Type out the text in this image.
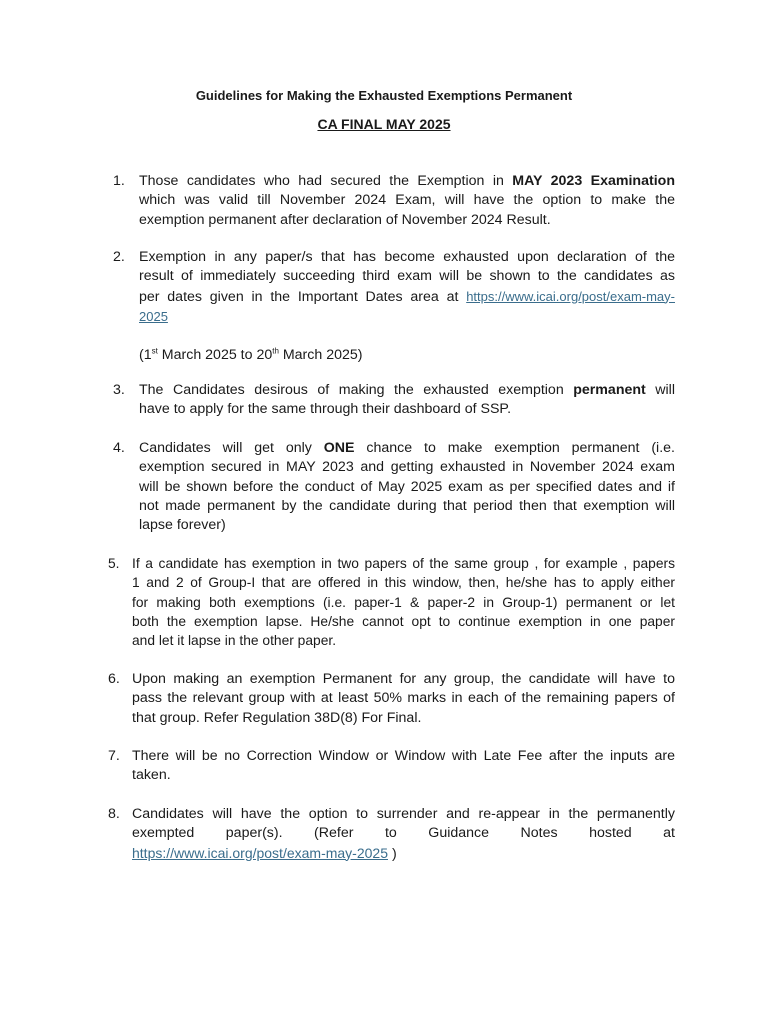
Guidelines for Making the Exhausted Exemptions Permanent
CA FINAL MAY 2025
1. Those candidates who had secured the Exemption in MAY 2023 Examination
which was valid till November 2024 Exam, will have the option to make the
exemption permanent after declaration of November 2024 Result.
2. Exemption in any paper/s that has become exhausted upon declaration of the
result of immediately succeeding third exam will be shown to the candidates as
per dates given in the Important Dates area at https://www.icai.org/post/exam-may-
2025
(1st March 2025 to 20th March 2025)
3. The Candidates desirous of making the exhausted exemption permanent will
have to apply for the same through their dashboard of SSP.
4. Candidates will get only ONE chance to make exemption permanent (i.e.
exemption secured in MAY 2023 and getting exhausted in November 2024 exam
will be shown before the conduct of May 2025 exam as per specified dates and if
not made permanent by the candidate during that period then that exemption will
lapse forever)
5. If a candidate has exemption in two papers of the same group , for example , papers
1 and 2 of Group-I that are offered in this window, then, he/she has to apply either
for making both exemptions (i.e. paper-1 & paper-2 in Group-1) permanent or let
both the exemption lapse. He/she cannot opt to continue exemption in one paper
and let it lapse in the other paper.
6. Upon making an exemption Permanent for any group, the candidate will have to
pass the relevant group with at least 50% marks in each of the remaining papers of
that group. Refer Regulation 38D(8) For Final.
7. There will be no Correction Window or Window with Late Fee after the inputs are
taken.
8. Candidates will have the option to surrender and re-appear in the permanently
exempted paper(s). (Refer to Guidance Notes hosted at
https://www.icai.org/post/exam-may-2025 )
